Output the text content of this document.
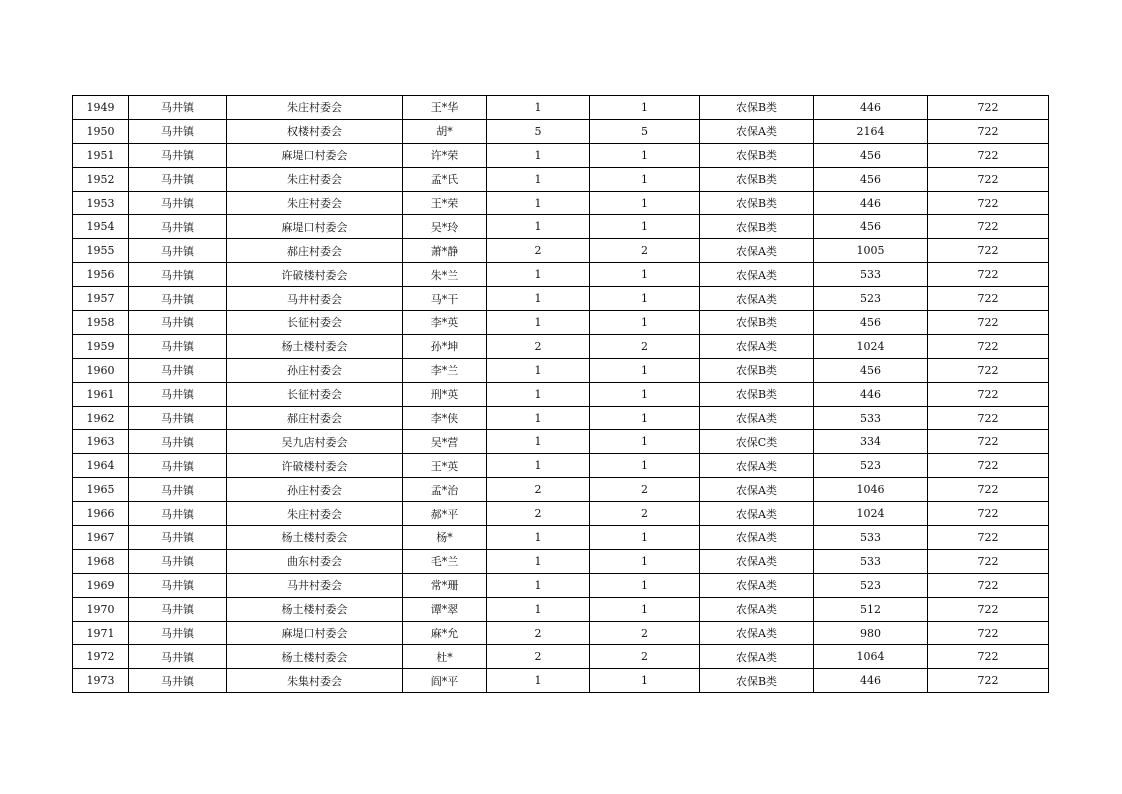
1949	马井镇	朱庄村委会	王*华	1	1	农保B类	446	722
1950	马井镇	权楼村委会	胡*	5	5	农保A类	2164	722
1951	马井镇	麻堤口村委会	许*荣	1	1	农保B类	456	722
1952	马井镇	朱庄村委会	孟*氏	1	1	农保B类	456	722
1953	马井镇	朱庄村委会	王*荣	1	1	农保B类	446	722
1954	马井镇	麻堤口村委会	吴*玲	1	1	农保B类	456	722
1955	马井镇	郝庄村委会	萧*静	2	2	农保A类	1005	722
1956	马井镇	许破楼村委会	朱*兰	1	1	农保A类	533	722
1957	马井镇	马井村委会	马*干	1	1	农保A类	523	722
1958	马井镇	长征村委会	李*英	1	1	农保B类	456	722
1959	马井镇	杨土楼村委会	孙*坤	2	2	农保A类	1024	722
1960	马井镇	孙庄村委会	李*兰	1	1	农保B类	456	722
1961	马井镇	长征村委会	刑*英	1	1	农保B类	446	722
1962	马井镇	郝庄村委会	李*侠	1	1	农保A类	533	722
1963	马井镇	吴九店村委会	吴*营	1	1	农保C类	334	722
1964	马井镇	许破楼村委会	王*英	1	1	农保A类	523	722
1965	马井镇	孙庄村委会	孟*治	2	2	农保A类	1046	722
1966	马井镇	朱庄村委会	郝*平	2	2	农保A类	1024	722
1967	马井镇	杨土楼村委会	杨*	1	1	农保A类	533	722
1968	马井镇	曲东村委会	毛*兰	1	1	农保A类	533	722
1969	马井镇	马井村委会	常*珊	1	1	农保A类	523	722
1970	马井镇	杨土楼村委会	谭*翠	1	1	农保A类	512	722
1971	马井镇	麻堤口村委会	麻*允	2	2	农保A类	980	722
1972	马井镇	杨土楼村委会	杜*	2	2	农保A类	1064	722
1973	马井镇	朱集村委会	阎*平	1	1	农保B类	446	722
